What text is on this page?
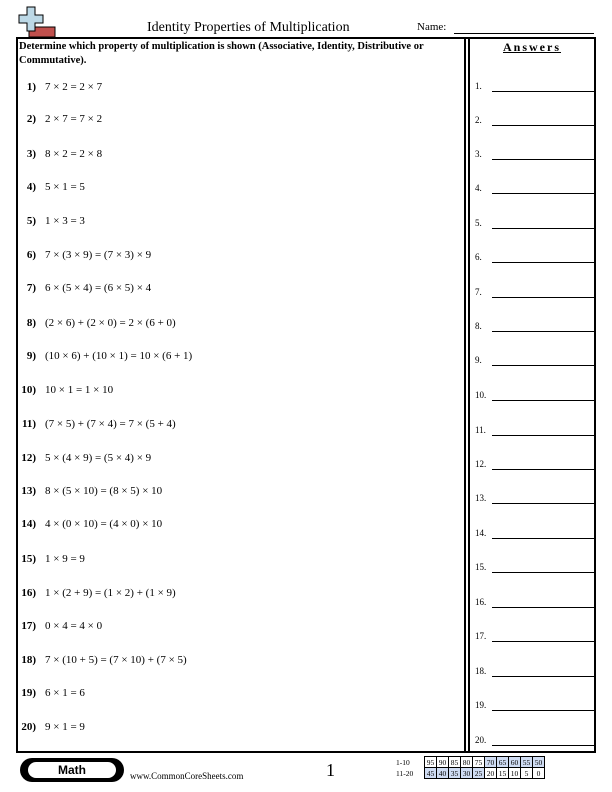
Identity Properties of Multiplication	Name:
Determine which property of multiplication is shown (Associative, Identity, Distributive or Commutative).
Answers
1) 7 × 2 = 2 × 7
2) 2 × 7 = 7 × 2
3) 8 × 2 = 2 × 8
4) 5 × 1 = 5
5) 1 × 3 = 3
6) 7 × (3 × 9) = (7 × 3) × 9
7) 6 × (5 × 4) = (6 × 5) × 4
8) (2 × 6) + (2 × 0) = 2 × (6 + 0)
9) (10 × 6) + (10 × 1) = 10 × (6 + 1)
10) 10 × 1 = 1 × 10
11) (7 × 5) + (7 × 4) = 7 × (5 + 4)
12) 5 × (4 × 9) = (5 × 4) × 9
13) 8 × (5 × 10) = (8 × 5) × 10
14) 4 × (0 × 10) = (4 × 0) × 10
15) 1 × 9 = 9
16) 1 × (2 + 9) = (1 × 2) + (1 × 9)
17) 0 × 4 = 4 × 0
18) 7 × (10 + 5) = (7 × 10) + (7 × 5)
19) 6 × 1 = 6
20) 9 × 1 = 9
1.
2.
3.
4.
5.
6.
7.
8.
9.
10.
11.
12.
13.
14.
15.
16.
17.
18.
19.
20.
Math	www.CommonCoreSheets.com	1	1-10	95	90	85	80	75	70	65	60	55	50
11-20	45	40	35	30	25	20	15	10	5	0
